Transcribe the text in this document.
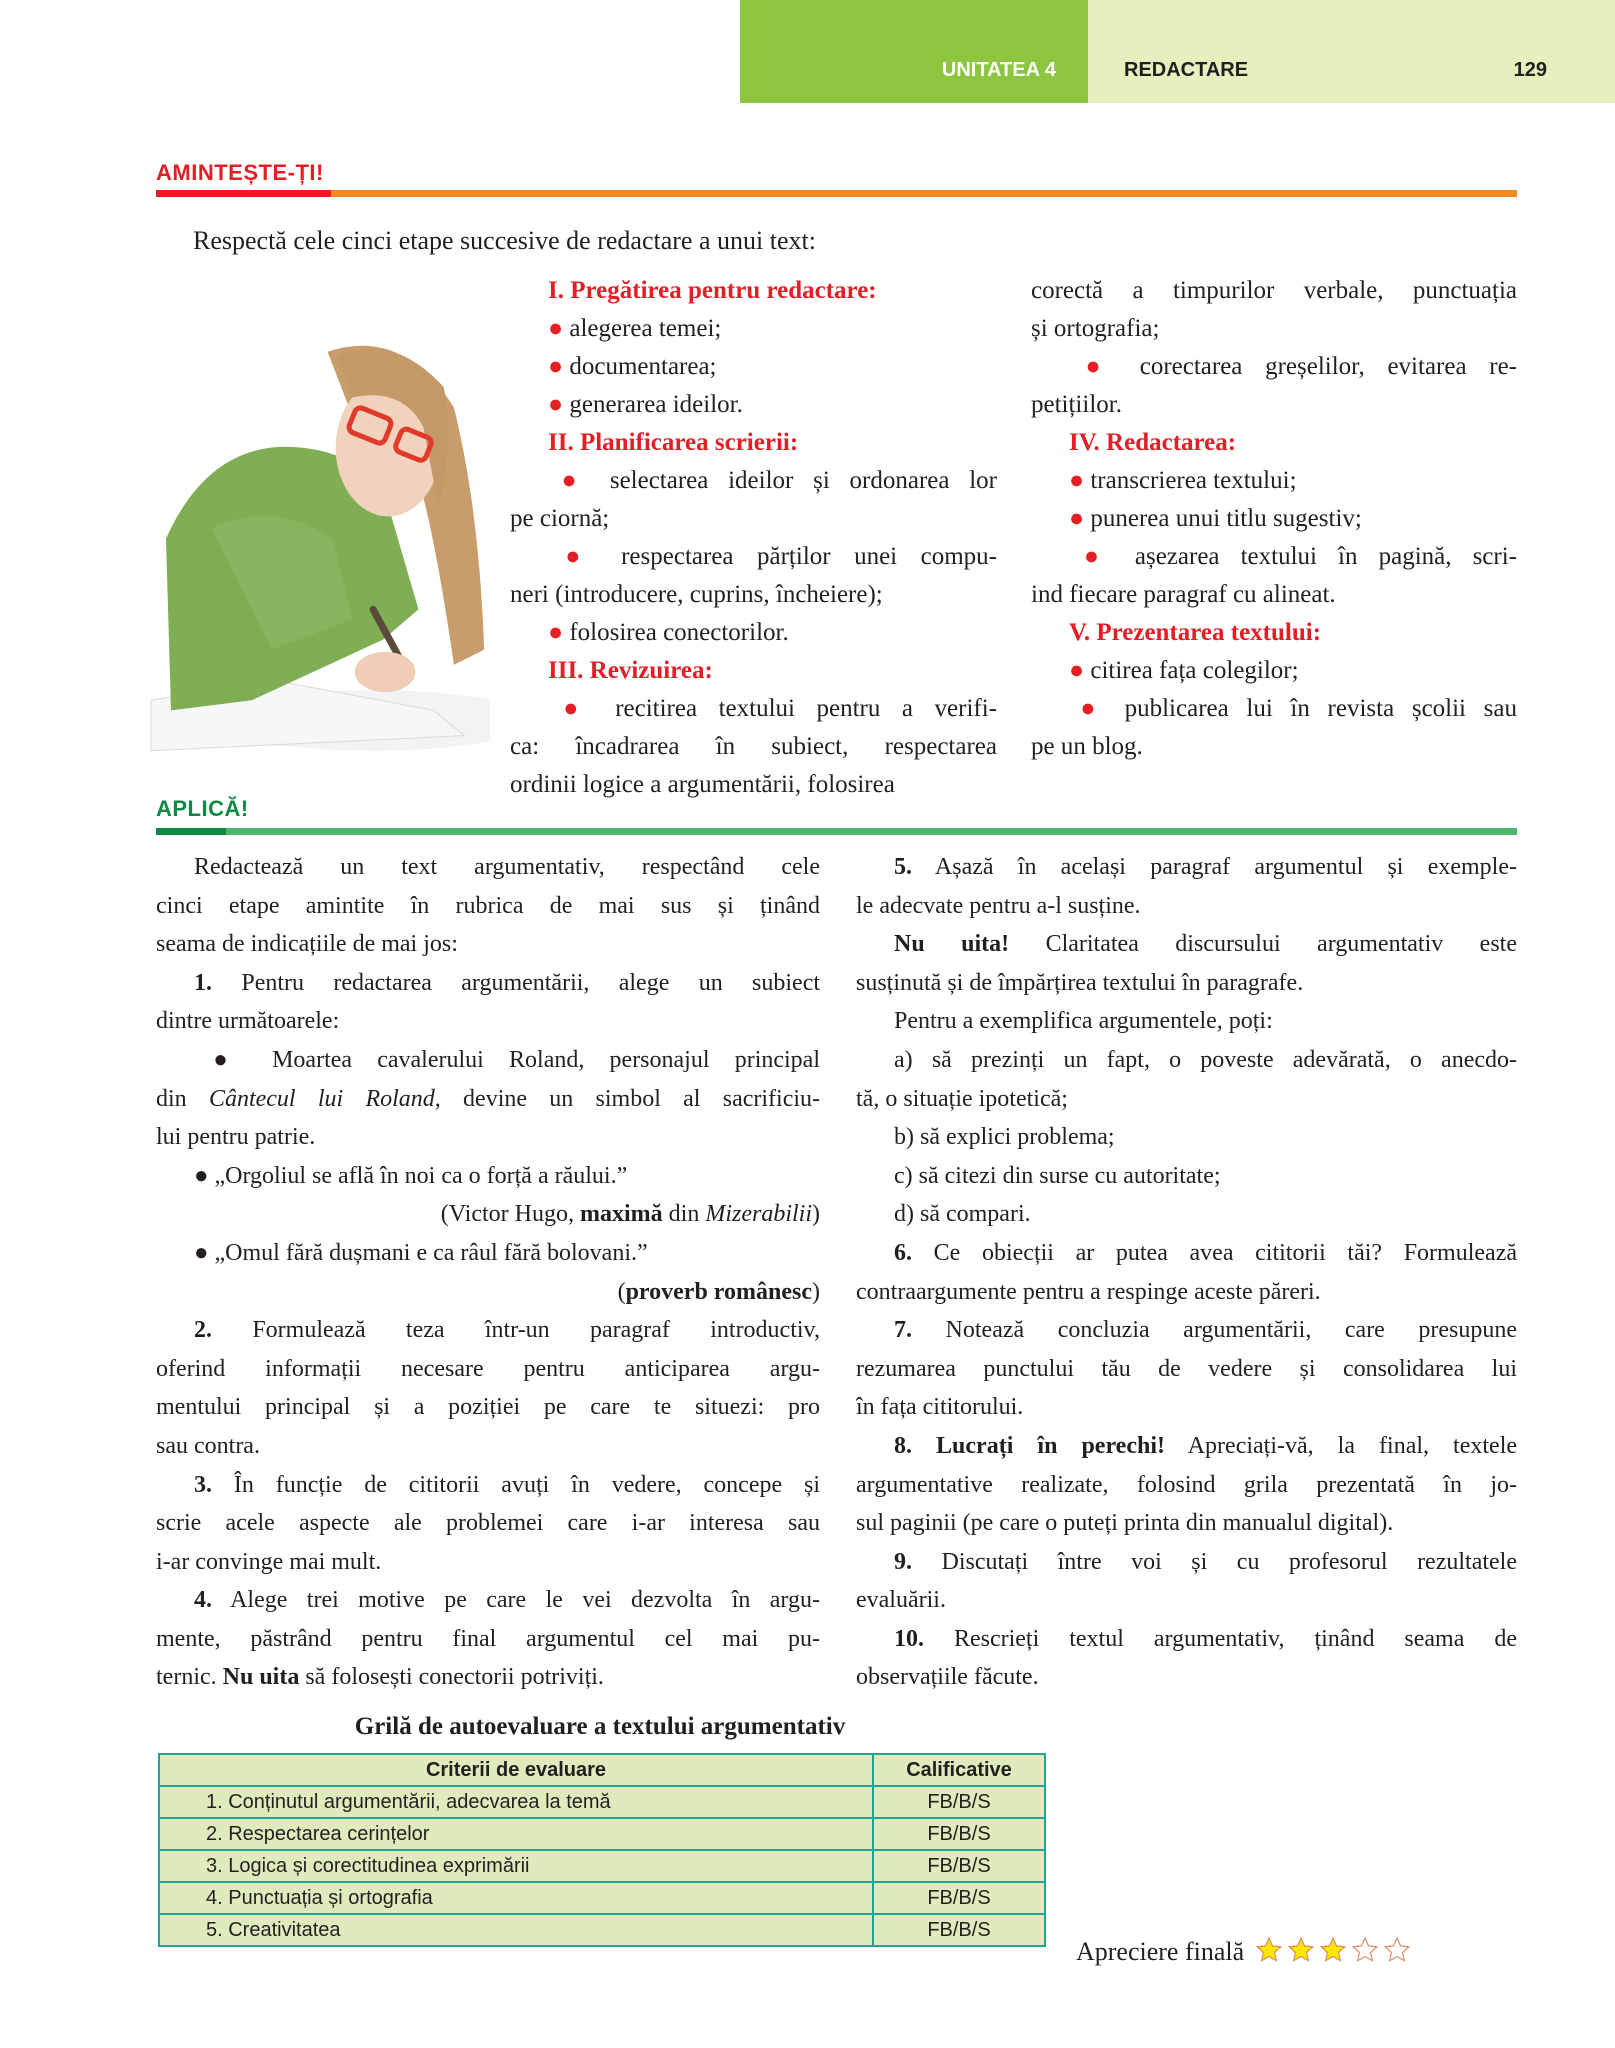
UNITATEA 4	REDACTARE	129
AMINTEȘTE-ȚI!

Respectă cele cinci etape succesive de redactare a unui text:

I. Pregătirea pentru redactare:
● alegerea temei;
● documentarea;
● generarea ideilor.
II. Planificarea scrierii:
● selectarea ideilor și ordonarea lor
pe ciornă;
● respectarea părților unei compu-
neri (introducere, cuprins, încheiere);
● folosirea conectorilor.
III. Revizuirea:
● recitirea textului pentru a verifi-
ca: încadrarea în subiect, respectarea
ordinii logice a argumentării, folosirea
corectă a timpurilor verbale, punctuația
și ortografia;
● corectarea greșelilor, evitarea re-
petițiilor.
IV. Redactarea:
● transcrierea textului;
● punerea unui titlu sugestiv;
● așezarea textului în pagină, scri-
ind fiecare paragraf cu alineat.
V. Prezentarea textului:
● citirea fața colegilor;
● publicarea lui în revista școlii sau
pe un blog.
APLICĂ!
Redactează un text argumentativ, respectând cele
cinci etape amintite în rubrica de mai sus și ținând
seama de indicațiile de mai jos:
1. Pentru redactarea argumentării, alege un subiect
dintre următoarele:
● Moartea cavalerului Roland, personajul principal
din Cântecul lui Roland, devine un simbol al sacrificiu-
lui pentru patrie.
● „Orgoliul se află în noi ca o forță a răului.”
(Victor Hugo, maximă din Mizerabilii)
● „Omul fără dușmani e ca râul fără bolovani.”
(proverb românesc)
2. Formulează teza într-un paragraf introductiv,
oferind informații necesare pentru anticiparea argu-
mentului principal și a poziției pe care te situezi: pro
sau contra.
3. În funcție de cititorii avuți în vedere, concepe și
scrie acele aspecte ale problemei care i-ar interesa sau
i-ar convinge mai mult.
4. Alege trei motive pe care le vei dezvolta în argu-
mente, păstrând pentru final argumentul cel mai pu-
ternic. Nu uita să folosești conectorii potriviți.
5. Așază în același paragraf argumentul și exemple-
le adecvate pentru a-l susține.
Nu uita! Claritatea discursului argumentativ este
susținută și de împărțirea textului în paragrafe.
Pentru a exemplifica argumentele, poți:
a) să prezinți un fapt, o poveste adevărată, o anecdo-
tă, o situație ipotetică;
b) să explici problema;
c) să citezi din surse cu autoritate;
d) să compari.
6. Ce obiecții ar putea avea cititorii tăi? Formulează
contraargumente pentru a respinge aceste păreri.
7. Notează concluzia argumentării, care presupune
rezumarea punctului tău de vedere și consolidarea lui
în fața cititorului.
8. Lucrați în perechi! Apreciați-vă, la final, textele
argumentative realizate, folosind grila prezentată în jo-
sul paginii (pe care o puteți printa din manualul digital).
9. Discutați între voi și cu profesorul rezultatele
evaluării.
10. Rescrieți textul argumentativ, ținând seama de
observațiile făcute.
Grilă de autoevaluare a textului argumentativ
Criterii de evaluare	Calificative
1. Conținutul argumentării, adecvarea la temă	FB/B/S
2. Respectarea cerințelor	FB/B/S
3. Logica și corectitudinea exprimării	FB/B/S
4. Punctuația și ortografia	FB/B/S
5. Creativitatea	FB/B/S
Apreciere finală
